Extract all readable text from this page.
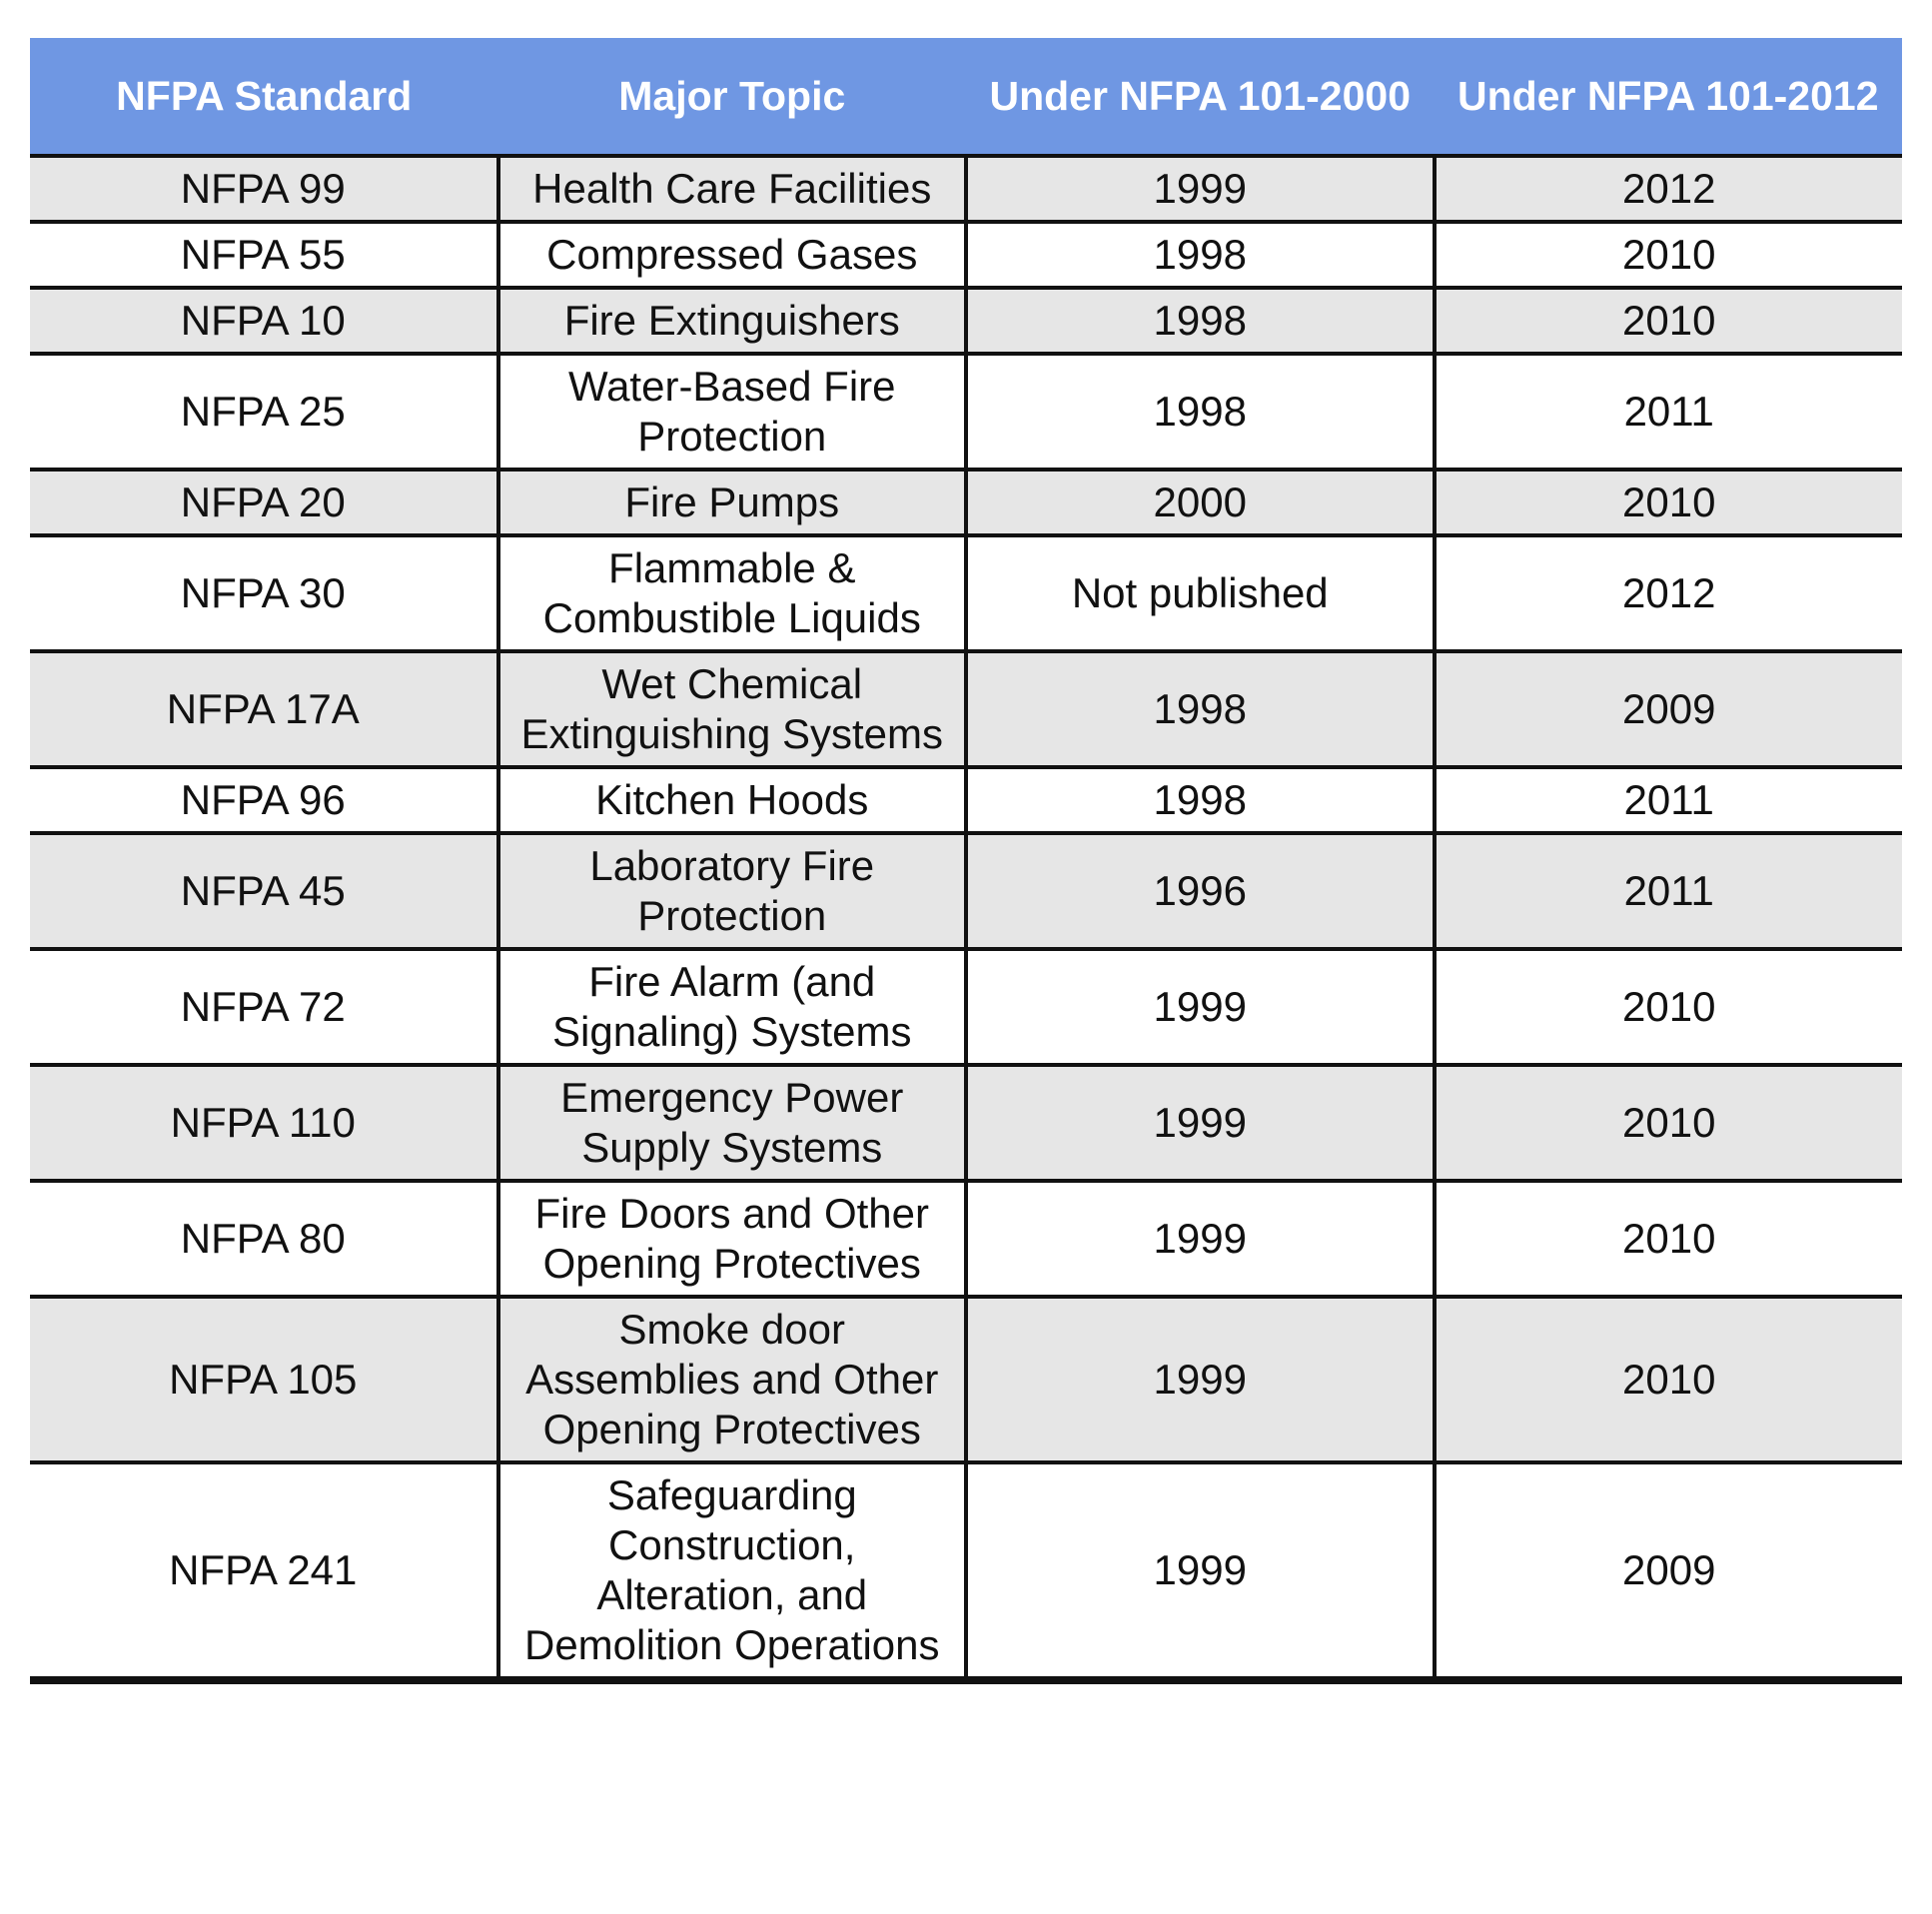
NFPA Standard	Major Topic	Under NFPA 101-2000	Under NFPA 101-2012
NFPA 99	Health Care Facilities	1999	2012
NFPA 55	Compressed Gases	1998	2010
NFPA 10	Fire Extinguishers	1998	2010
NFPA 25	Water-Based Fire Protection	1998	2011
NFPA 20	Fire Pumps	2000	2010
NFPA 30	Flammable & Combustible Liquids	Not published	2012
NFPA 17A	Wet Chemical Extinguishing Systems	1998	2009
NFPA 96	Kitchen Hoods	1998	2011
NFPA 45	Laboratory Fire Protection	1996	2011
NFPA 72	Fire Alarm (and Signaling) Systems	1999	2010
NFPA 110	Emergency Power Supply Systems	1999	2010
NFPA 80	Fire Doors and Other Opening Protectives	1999	2010
NFPA 105	Smoke door Assemblies and Other Opening Protectives	1999	2010
NFPA 241	Safeguarding Construction, Alteration, and Demolition Operations	1999	2009
